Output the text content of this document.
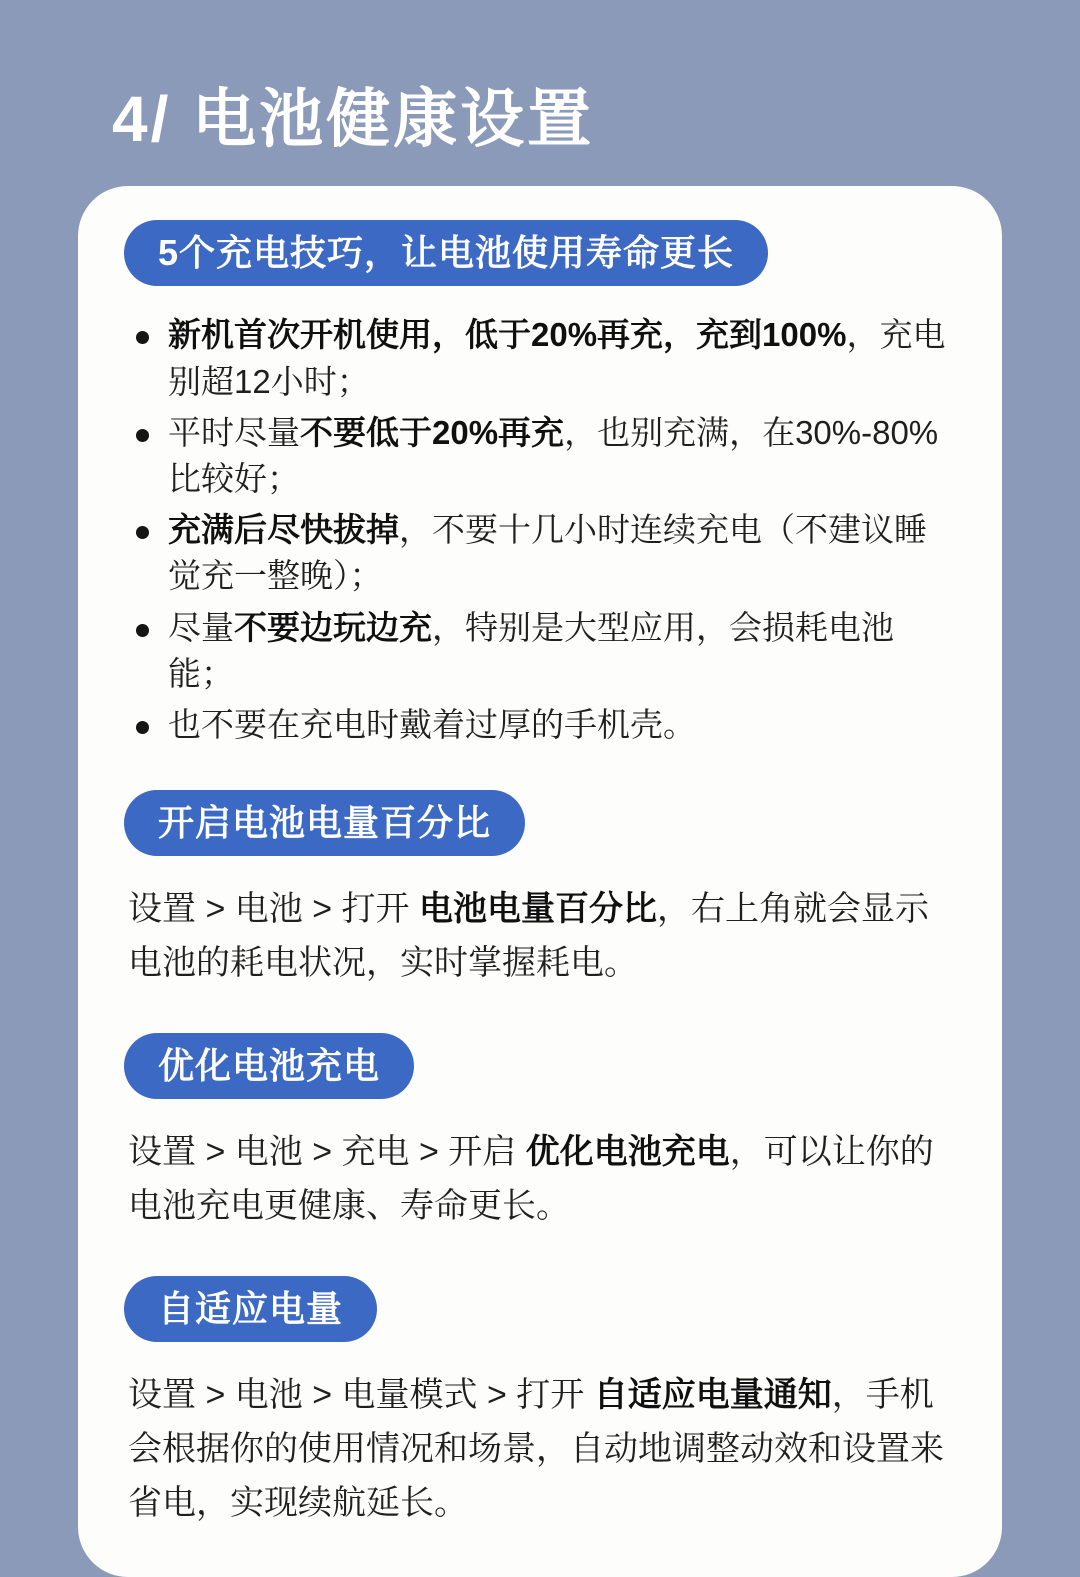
4/ 电池健康设置
5个充电技巧，让电池使用寿命更长
新机首次开机使用，低于20%再充，充到100%，充电别超12小时；
平时尽量不要低于20%再充，也别充满，在30%-80%比较好；
充满后尽快拔掉，不要十几小时连续充电（不建议睡觉充一整晚）；
尽量不要边玩边充，特别是大型应用，会损耗电池能；
也不要在充电时戴着过厚的手机壳。
开启电池电量百分比

设置 > 电池 > 打开 电池电量百分比，右上角就会显示电池的耗电状况，实时掌握耗电。

优化电池充电

设置 > 电池 > 充电 > 开启 优化电池充电，可以让你的电池充电更健康、寿命更长。

自适应电量

设置 > 电池 > 电量模式 > 打开 自适应电量通知，手机会根据你的使用情况和场景，自动地调整动效和设置来省电，实现续航延长。
